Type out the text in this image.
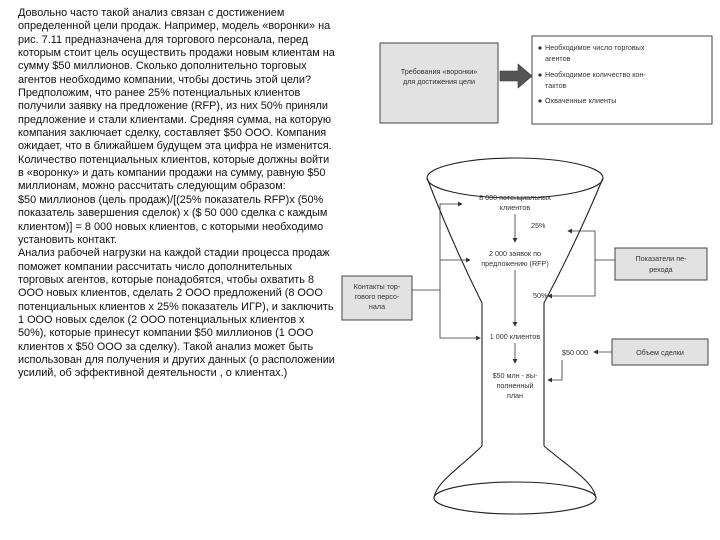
Довольно часто такой анализ связан с достижением определенной цели продаж. Например, модель «воронки» на рис. 7.11 предназначена для торгового персонала, перед которым стоит цель осуществить продажи новым клиентам на сумму $50 миллионов. Сколько дополнительно торговых агентов необходимо компании, чтобы достичь этой цели? Предположим, что ранее 25% потенциальных клиентов получили заявку на предложение (RFP), из них 50% приняли предложение и стали клиентами. Средняя сумма, на которую компания заключает сделку, составляет $50 ООО. Компания ожидает, что в ближайшем будущем эта цифра не изменится.

Количество потенциальных клиентов, которые должны войти в «воронку» и дать компании продажи на сумму, равную $50 миллионам, можно рассчитать следующим образом:

$50 миллионов (цель продаж)/[(25% показатель RFP)х (50% показатель завершения сделок) х ($ 50 000 сделка с каждым клиентом)] = 8 000 новых клиентов, с которыми необходимо установить контакт.

Анализ рабочей нагрузки на каждой стадии процесса продаж поможет компании рассчитать число дополнительных торговых агентов, которые понадобятся, чтобы охватить 8 ООО новых клиентов, сделать 2 ООО предложений (8 ООО потенциальных клиентов х 25% показатель ИГР), и заключить 1 ООО новых сделок (2 ООО потенциальных клиентов х 50%), которые принесут компании $50 миллионов (1 ООО клиентов х $50 ООО за сделку). Такой анализ может быть использован для получения и других данных (о расположении усилий, об эффективной деятельности , о клиентах.)

Требования «воронки»
для достижения цели
Необходимое число торговых
агентов
Необходимое количество кон-
тактов
Охваченные клиенты
8 000 потенциальных
клиентов
25%
2 000 заявок по
предложению (RFP)
50%
1 000 клиентов
$50 млн - вы-
полненный
план
Показатели пе-
рехода
Контакты тор-
гового персо-
нала
Объем сделки
$50 000
